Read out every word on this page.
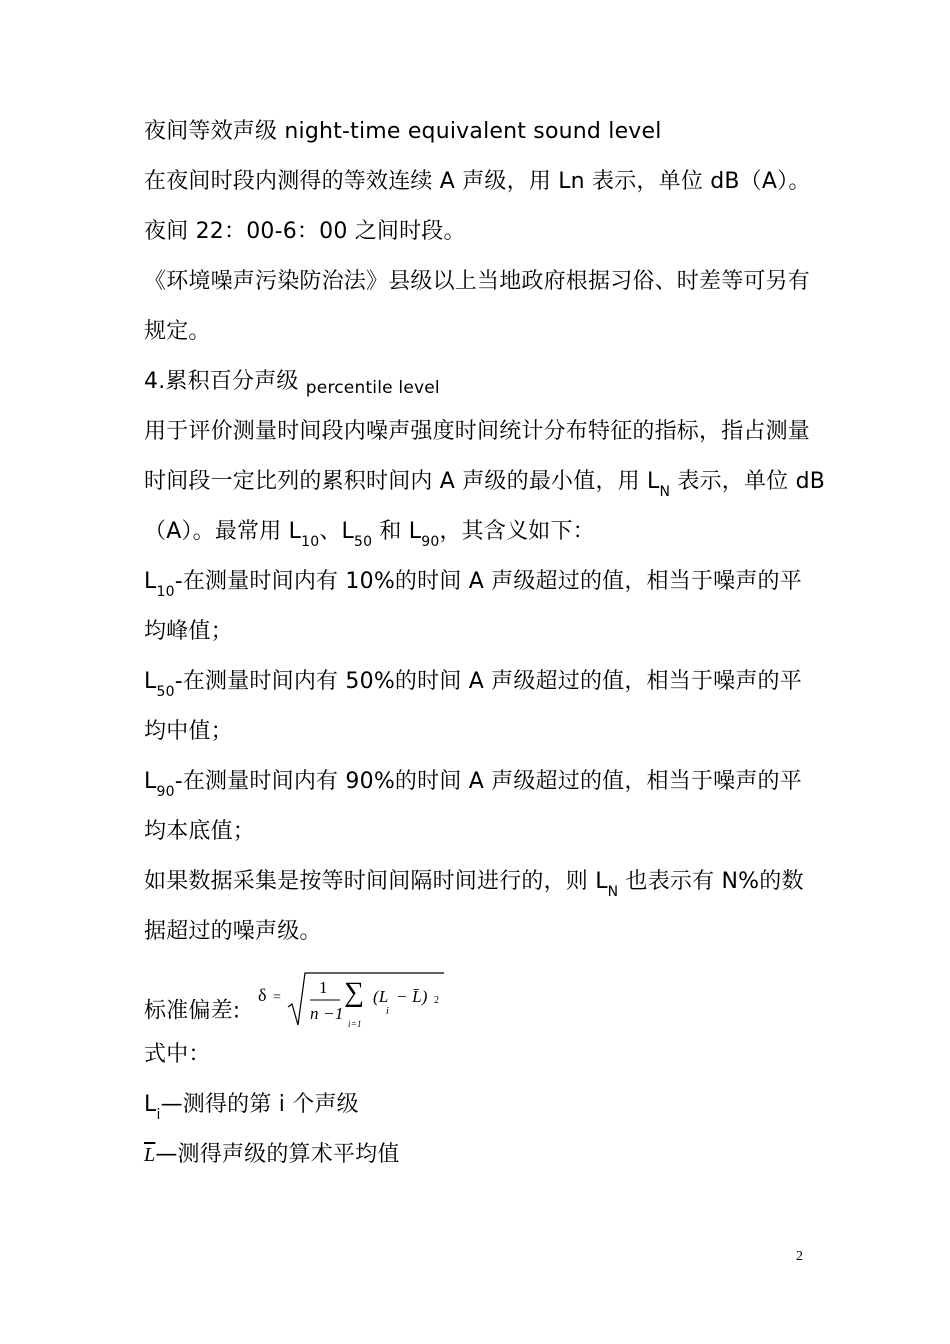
夜间等效声级 night-time equivalent sound level
在夜间时段内测得的等效连续 A 声级，用 Ln 表示，单位 dB（A）。
夜间 22：00-6：00 之间时段。
《环境噪声污染防治法》县级以上当地政府根据习俗、时差等可另有
规定。
4.累积百分声级 $_{percentile level}$
用于评价测量时间段内噪声强度时间统计分布特征的指标，指占测量
时间段一定比列的累积时间内 A 声级的最小值，用 $L_N$ 表示，单位 dB
（A）。最常用 $L_{10}$、$L_{50}$ 和 $L_{90}$，其含义如下：
$L_{10}-$在测量时间内有 10%的时间 A 声级超过的值，相当于噪声的平
均峰值；
$L_{50}-$在测量时间内有 50%的时间 A 声级超过的值，相当于噪声的平
均中值；
$L_{90}-$在测量时间内有 90%的时间 A 声级超过的值，相当于噪声的平
均本底值；
如果数据采集是按等时间间隔时间进行的，则 $L_N$ 也表示有 N%的数
据超过的噪声级。
标准偏差:
δ =
1
n −1
∑
i=1
(L
i
− L̄) 2
式中：
$L_i—$测得的第 i 个声级
$\overline{L}—$测得声级的算术平均值
2
